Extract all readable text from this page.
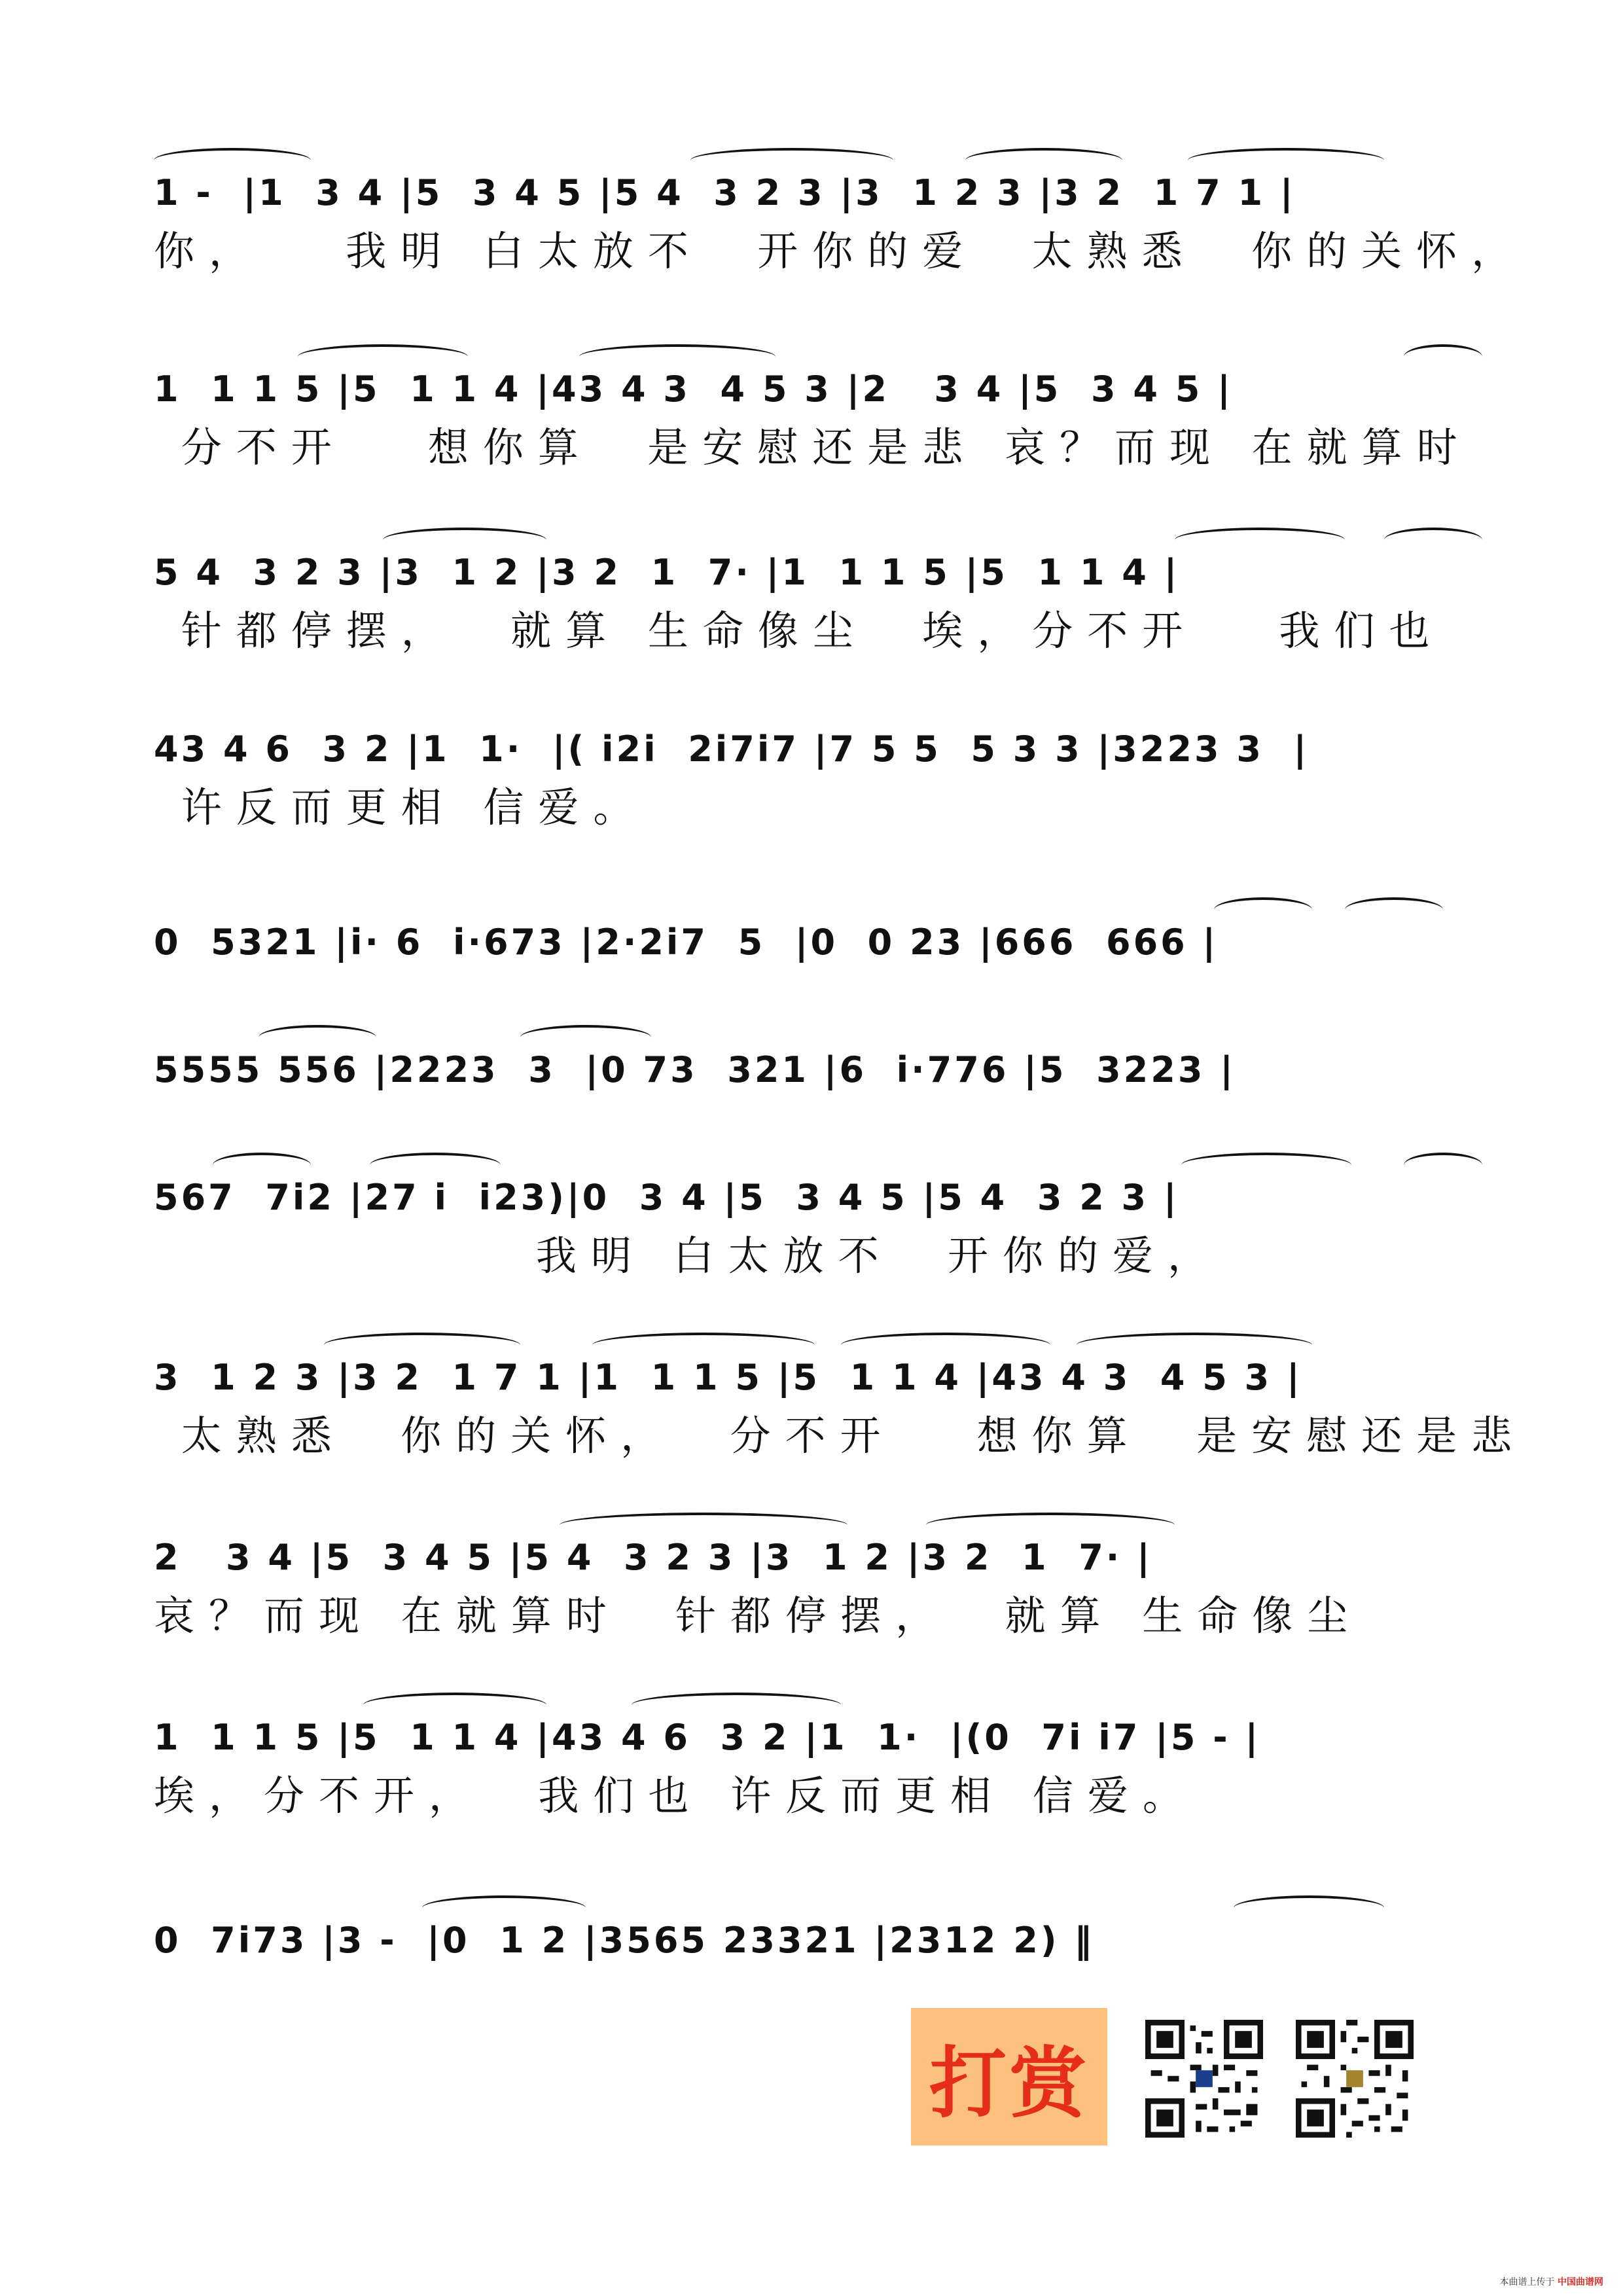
1 -  |1  3 4 |5  3 4 5 |5 4  3 2 3 |3  1 2 3 |3 2  1 7 1 |
你，   我明 白太放不  开你的爱  太熟悉  你的关怀，
1  1 1 5 |5  1 1 4 |43 4 3  4 5 3 |2   3 4 |5  3 4 5 |
分不开   想你算  是安慰还是悲 哀？而现 在就算时
5 4  3 2 3 |3  1 2 |3 2  1  7· |1  1 1 5 |5  1 1 4 |
针都停摆，  就算 生命像尘  埃，分不开   我们也
43 4 6  3 2 |1  1·  |( i2i  2i7i7 |7 5 5  5 3 3 |3223 3  |
许反而更相 信爱。
0  5321 |i· 6  i·673 |2·2i7  5  |0  0 23 |666  666 |
5555 556 |2223  3  |0 73  321 |6  i·776 |5  3223 |
567  7i2 |27 i  i23)|0  3 4 |5  3 4 5 |5 4  3 2 3 |
我明 白太放不  开你的爱，
3  1 2 3 |3 2  1 7 1 |1  1 1 5 |5  1 1 4 |43 4 3  4 5 3 |
太熟悉  你的关怀，  分不开   想你算  是安慰还是悲
2   3 4 |5  3 4 5 |5 4  3 2 3 |3  1 2 |3 2  1  7· |
哀？而现 在就算时  针都停摆，  就算 生命像尘
1  1 1 5 |5  1 1 4 |43 4 6  3 2 |1  1·  |(0  7i i7 |5 - |
埃，分不开，  我们也 许反而更相 信爱。
0  7i73 |3 -  |0  1 2 |3565 23321 |2312 2) ‖
打赏
本曲谱上传于 中国曲谱网
